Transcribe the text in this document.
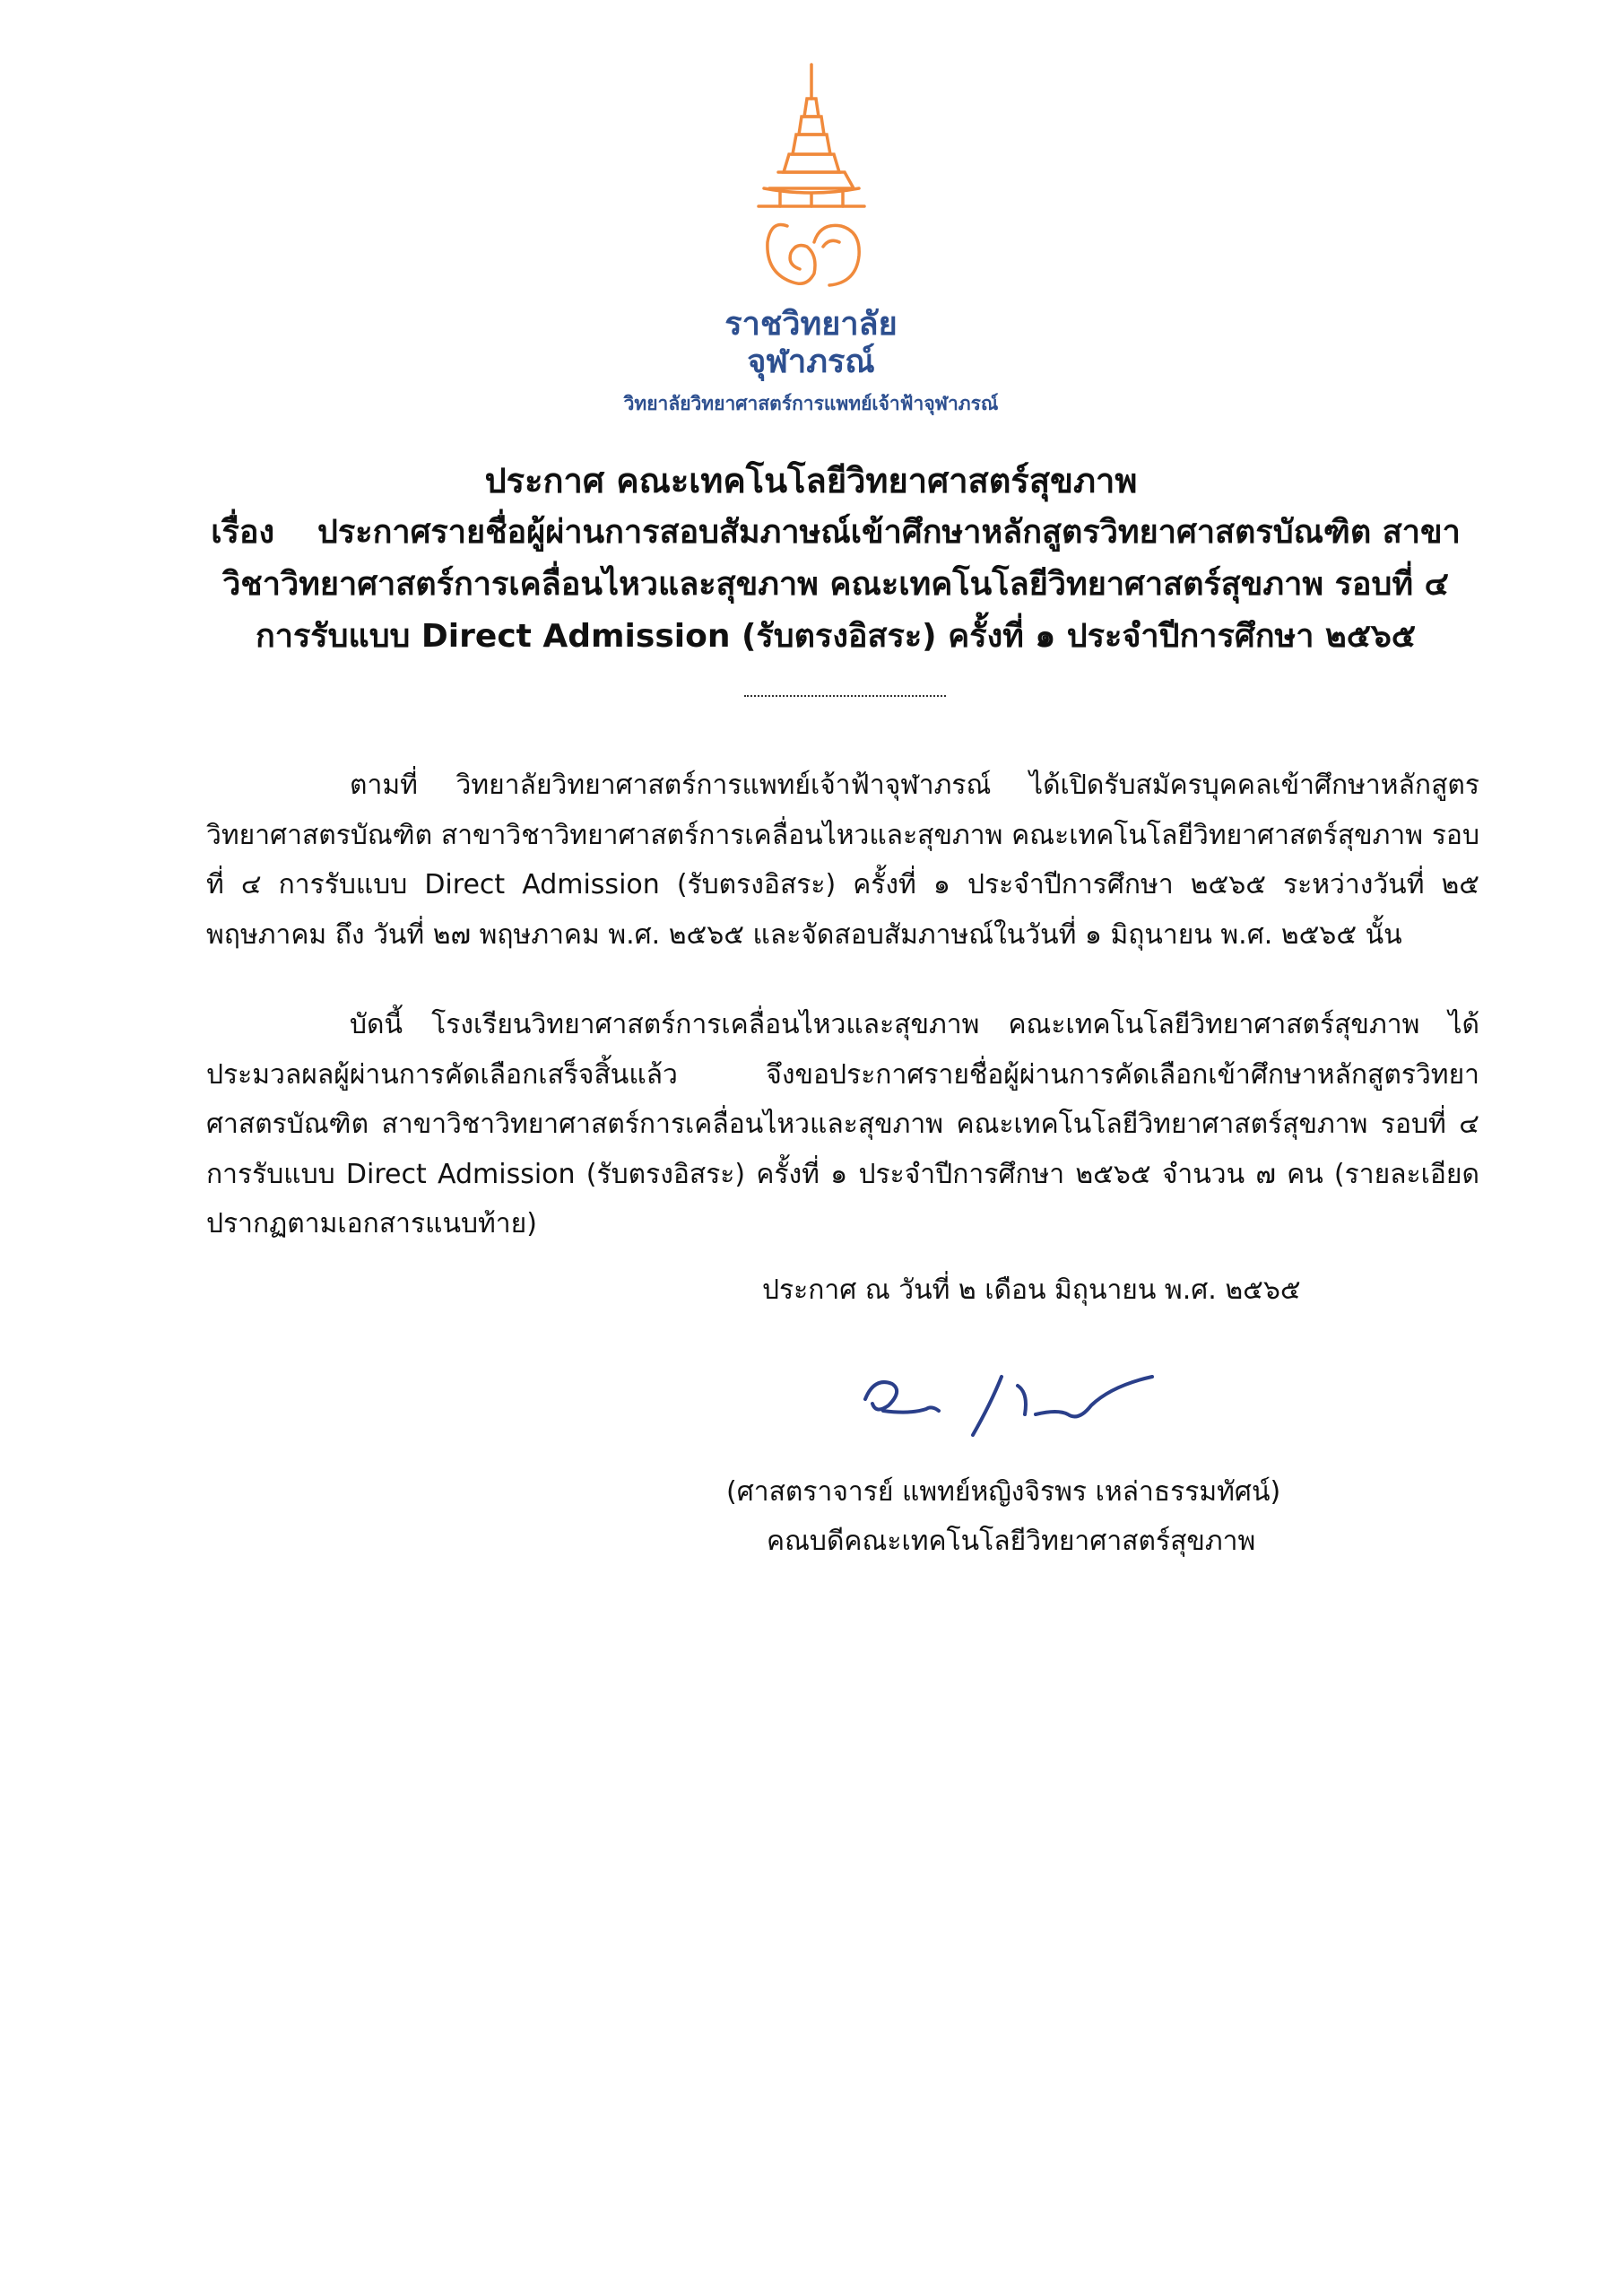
ราชวิทยาลัย
จุฬาภรณ์
วิทยาลัยวิทยาศาสตร์การแพทย์เจ้าฟ้าจุฬาภรณ์
ประกาศ คณะเทคโนโลยีวิทยาศาสตร์สุขภาพ
เรื่อง ประกาศรายชื่อผู้ผ่านการสอบสัมภาษณ์เข้าศึกษาหลักสูตรวิทยาศาสตรบัณฑิต สาขาวิชาวิทยาศาสตร์การเคลื่อนไหวและสุขภาพ คณะเทคโนโลยีวิทยาศาสตร์สุขภาพ รอบที่ ๔ การรับแบบ Direct Admission (รับตรงอิสระ) ครั้งที่ ๑ ประจำปีการศึกษา ๒๕๖๕

ตามที่ วิทยาลัยวิทยาศาสตร์การแพทย์เจ้าฟ้าจุฬาภรณ์ ได้เปิดรับสมัครบุคคลเข้าศึกษาหลักสูตรวิทยาศาสตรบัณฑิต สาขาวิชาวิทยาศาสตร์การเคลื่อนไหวและสุขภาพ คณะเทคโนโลยีวิทยาศาสตร์สุขภาพ รอบที่ ๔ การรับแบบ Direct Admission (รับตรงอิสระ) ครั้งที่ ๑ ประจำปีการศึกษา ๒๕๖๕ ระหว่างวันที่ ๒๕ พฤษภาคม ถึง วันที่ ๒๗ พฤษภาคม พ.ศ. ๒๕๖๕ และจัดสอบสัมภาษณ์ในวันที่ ๑ มิถุนายน พ.ศ. ๒๕๖๕ นั้น

บัดนี้ โรงเรียนวิทยาศาสตร์การเคลื่อนไหวและสุขภาพ คณะเทคโนโลยีวิทยาศาสตร์สุขภาพ ได้ประมวลผลผู้ผ่านการคัดเลือกเสร็จสิ้นแล้ว จึงขอประกาศรายชื่อผู้ผ่านการคัดเลือกเข้าศึกษาหลักสูตรวิทยาศาสตรบัณฑิต สาขาวิชาวิทยาศาสตร์การเคลื่อนไหวและสุขภาพ คณะเทคโนโลยีวิทยาศาสตร์สุขภาพ รอบที่ ๔ การรับแบบ Direct Admission (รับตรงอิสระ) ครั้งที่ ๑ ประจำปีการศึกษา ๒๕๖๕ จำนวน ๗ คน (รายละเอียดปรากฏตามเอกสารแนบท้าย)

ประกาศ ณ วันที่ ๒ เดือน มิถุนายน พ.ศ. ๒๕๖๕
(ศาสตราจารย์ แพทย์หญิงจิรพร เหล่าธรรมทัศน์)
คณบดีคณะเทคโนโลยีวิทยาศาสตร์สุขภาพ
